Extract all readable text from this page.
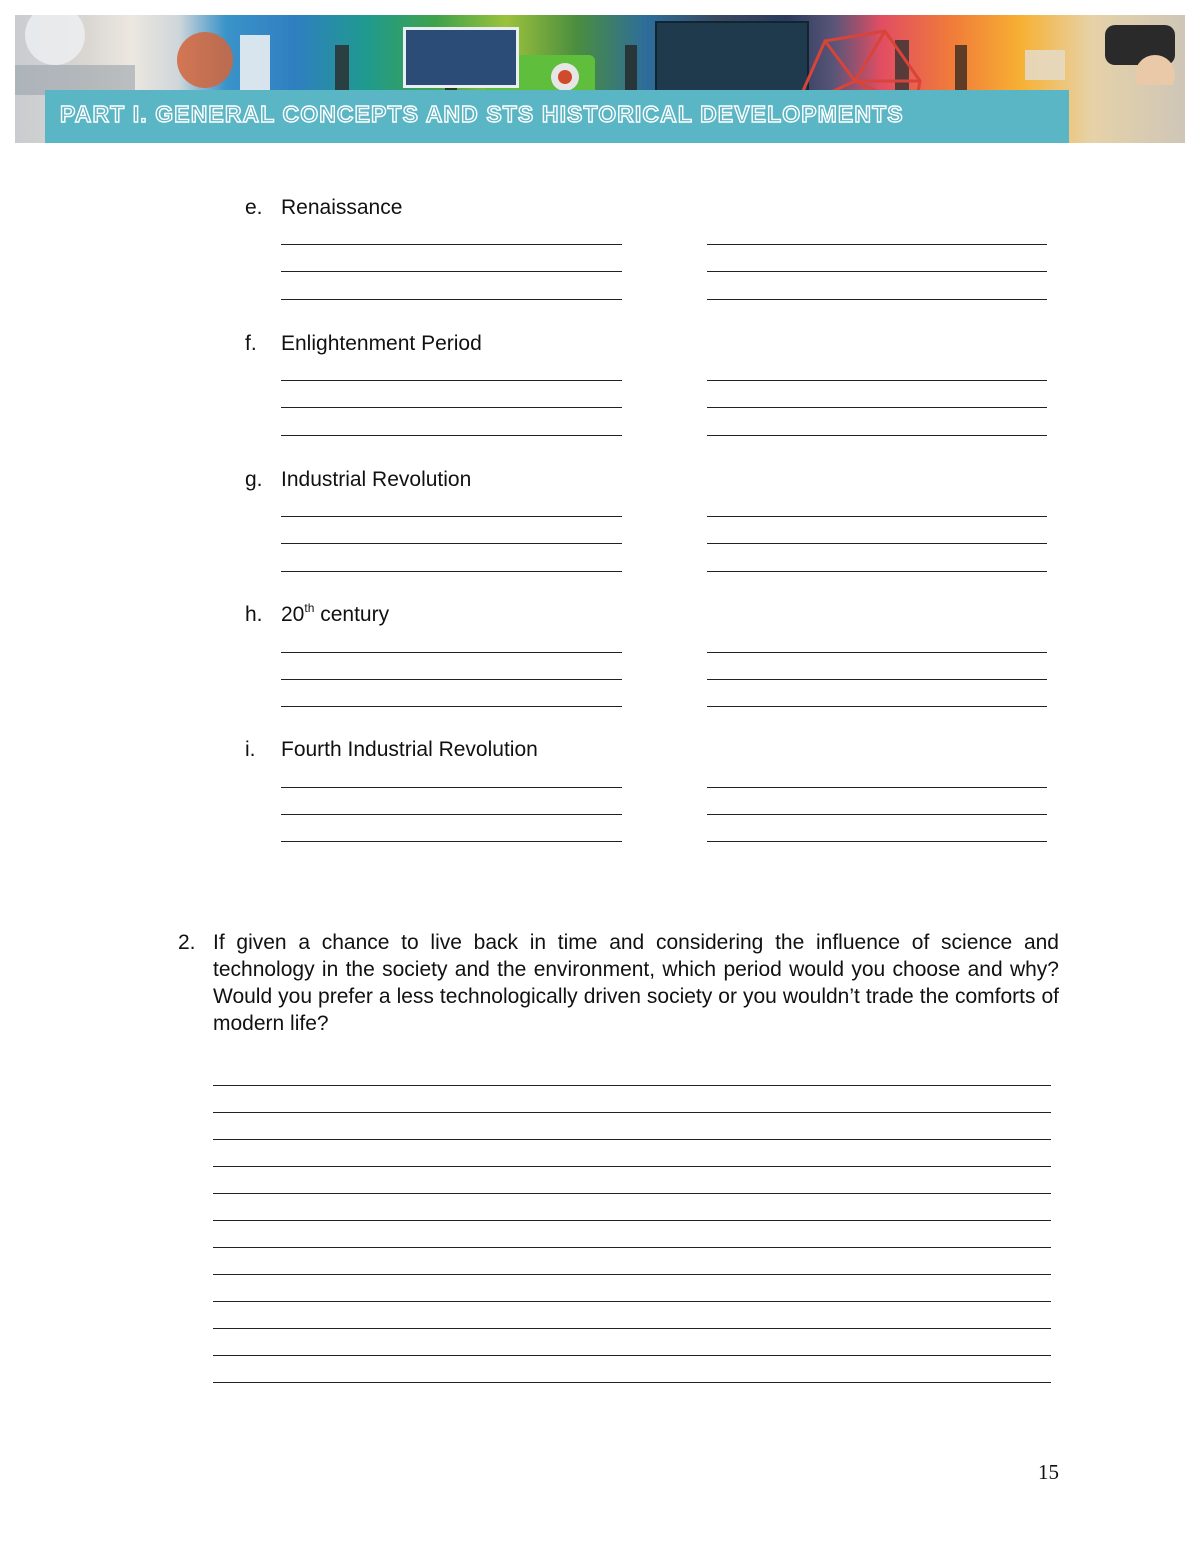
PART I. GENERAL CONCEPTS AND STS HISTORICAL DEVELOPMENTS
e. Renaissance
f. Enlightenment Period
g. Industrial Revolution
h. 20th century
i. Fourth Industrial Revolution
2. If given a chance to live back in time and considering the influence of science and technology in the society and the environment, which period would you choose and why? Would you prefer a less technologically driven society or you wouldn’t trade the comforts of modern life?
15
